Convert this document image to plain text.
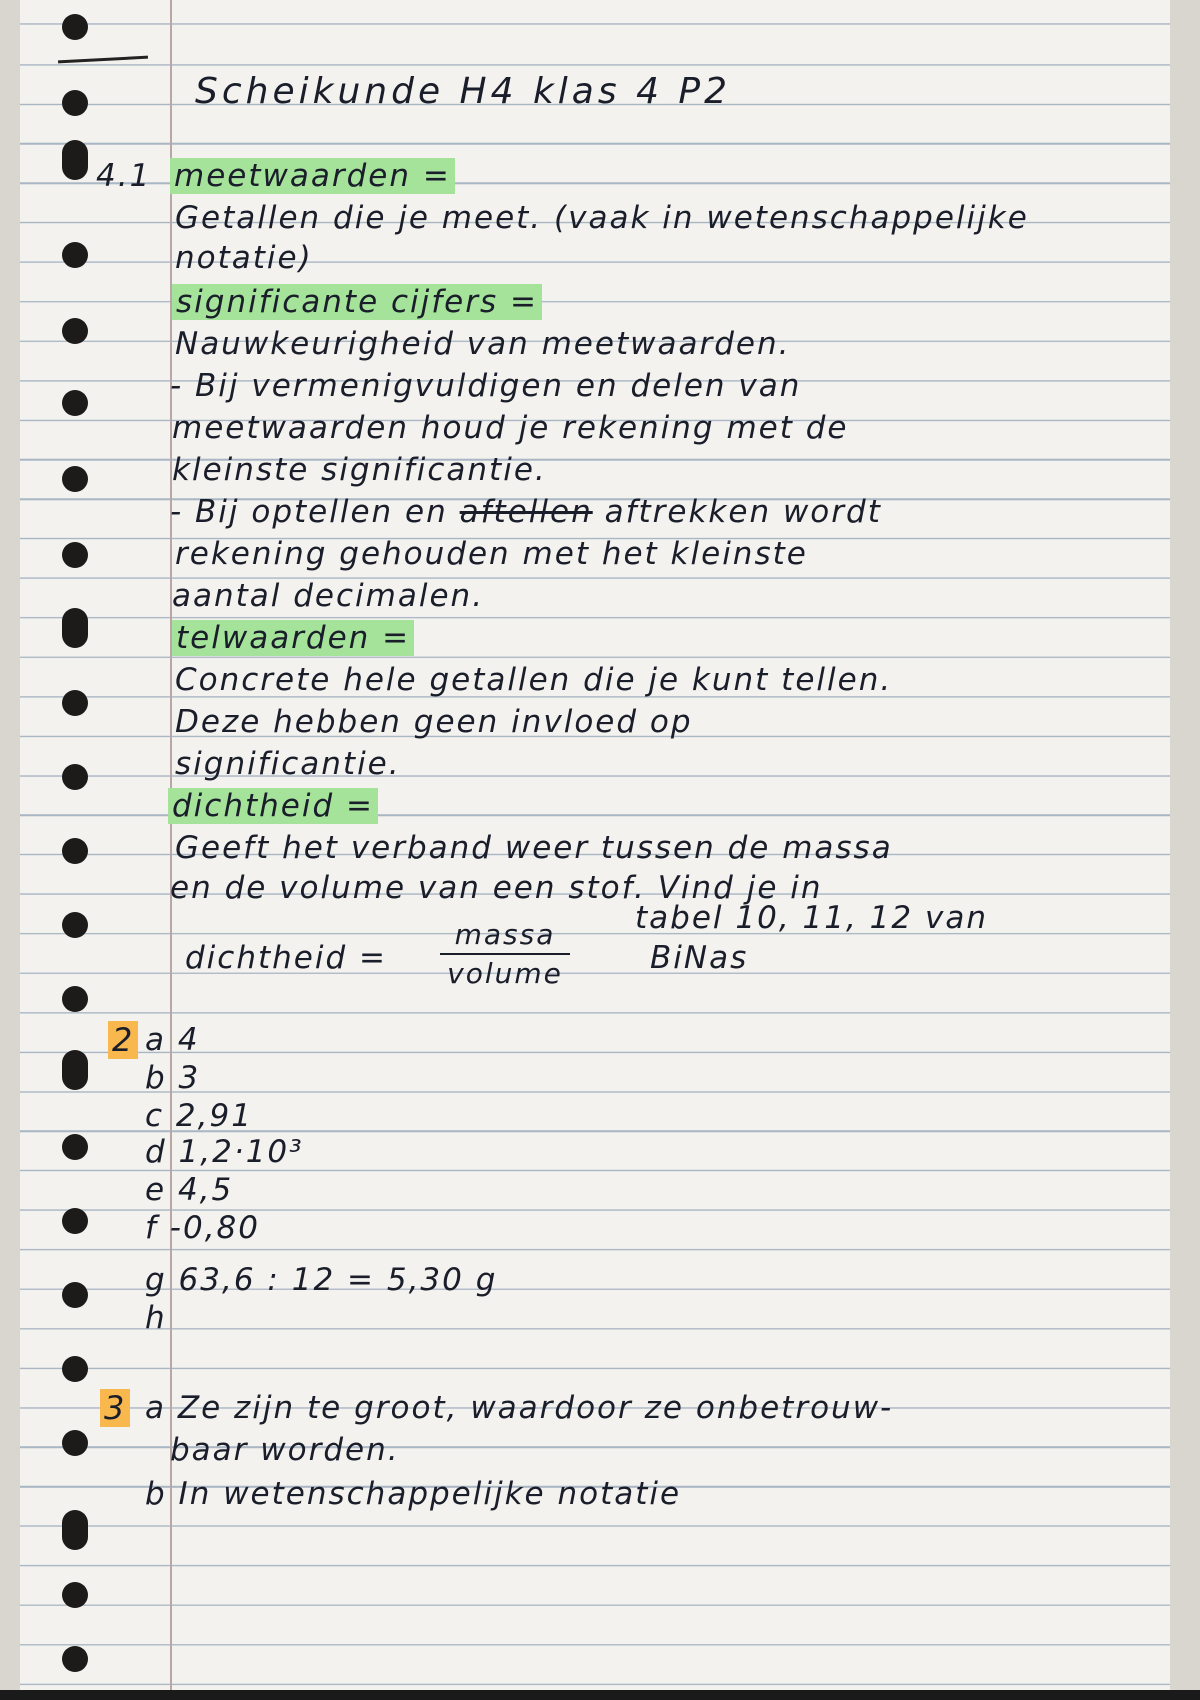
Scheikunde H4 klas 4 P2
4.1 meetwaarden =
Getallen die je meet. (vaak in wetenschappelijke
notatie)
significante cijfers =
Nauwkeurigheid van meetwaarden.
- Bij vermenigvuldigen en delen van
meetwaarden houd je rekening met de
kleinste significantie.
- Bij optellen en aftellen aftrekken wordt
rekening gehouden met het kleinste
aantal decimalen.
telwaarden =
Concrete hele getallen die je kunt tellen.
Deze hebben geen invloed op
significantie.
dichtheid =
Geeft het verband weer tussen de massa
en de volume van een stof. Vind je in
tabel 10, 11, 12 van
dichtheid =
massa
volume	BiNas
2 a 4
b 3
c 2,91
d 1,2·10³
e 4,5
f -0,80
g 63,6 : 12 = 5,30 g
h
3 a Ze zijn te groot, waardoor ze onbetrouw-
baar worden.
b In wetenschappelijke notatie
